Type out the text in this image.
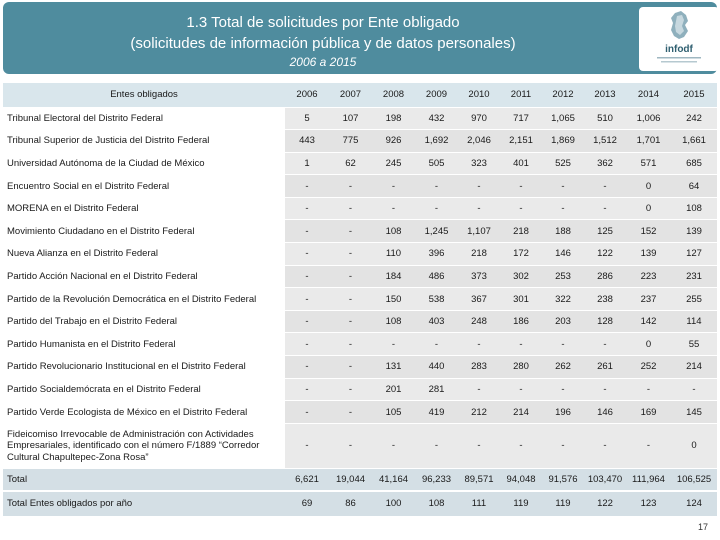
1.3 Total de solicitudes por Ente obligado
(solicitudes de información pública y de datos personales)
2006 a 2015
infodf
Entes obligados	2006	2007	2008	2009	2010	2011	2012	2013	2014	2015
Tribunal Electoral del Distrito Federal	5	107	198	432	970	717	1,065	510	1,006	242
Tribunal Superior de Justicia del Distrito Federal	443	775	926	1,692	2,046	2,151	1,869	1,512	1,701	1,661
Universidad Autónoma de la Ciudad de México	1	62	245	505	323	401	525	362	571	685
Encuentro Social en el Distrito Federal	-	-	-	-	-	-	-	-	0	64
MORENA en el Distrito Federal	-	-	-	-	-	-	-	-	0	108
Movimiento Ciudadano en el Distrito Federal	-	-	108	1,245	1,107	218	188	125	152	139
Nueva Alianza en el Distrito Federal	-	-	110	396	218	172	146	122	139	127
Partido Acción Nacional en el Distrito Federal	-	-	184	486	373	302	253	286	223	231
Partido de la Revolución Democrática en el Distrito Federal	-	-	150	538	367	301	322	238	237	255
Partido del Trabajo en el Distrito Federal	-	-	108	403	248	186	203	128	142	114
Partido Humanista en el Distrito Federal	-	-	-	-	-	-	-	-	0	55
Partido Revolucionario Institucional en el Distrito Federal	-	-	131	440	283	280	262	261	252	214
Partido Socialdemócrata en el Distrito Federal	-	-	201	281	-	-	-	-	-	-
Partido Verde Ecologista de México en el Distrito Federal	-	-	105	419	212	214	196	146	169	145
Fideicomiso Irrevocable de Administración con Actividades Empresariales, identificado con el número F/1889 “Corredor Cultural Chapultepec-Zona Rosa”	-	-	-	-	-	-	-	-	-	0
Total	6,621	19,044	41,164	96,233	89,571	94,048	91,576	103,470	111,964	106,525
Total Entes obligados por año	69	86	100	108	111	119	119	122	123	124
17
